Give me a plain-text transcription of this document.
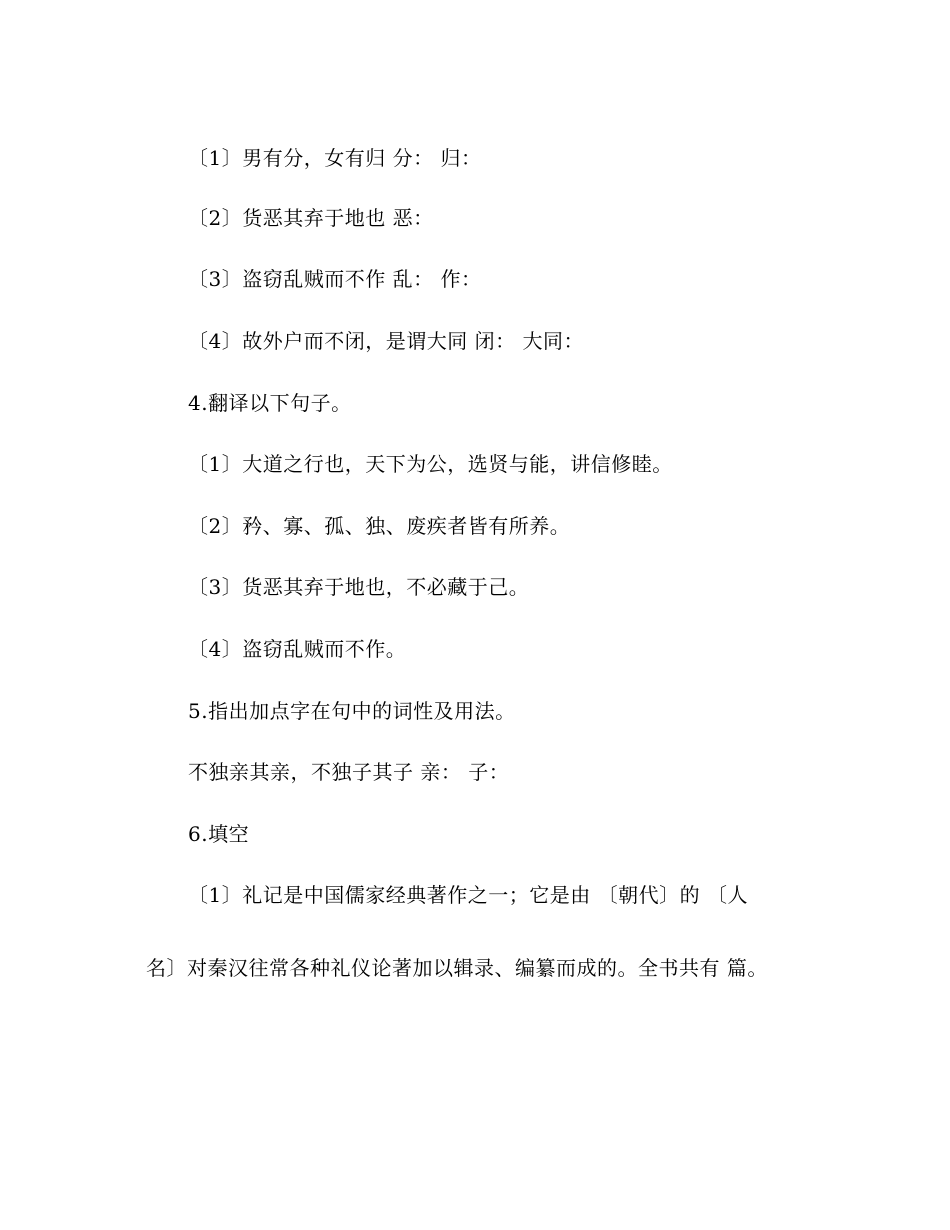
〔1〕男有分，女有归 分： 归：
〔2〕货恶其弃于地也 恶：
〔3〕盗窃乱贼而不作 乱： 作：
〔4〕故外户而不闭，是谓大同 闭： 大同：
4.翻译以下句子。
〔1〕大道之行也，天下为公，选贤与能，讲信修睦。
〔2〕矜、寡、孤、独、废疾者皆有所养。
〔3〕货恶其弃于地也，不必藏于己。
〔4〕盗窃乱贼而不作。
5.指出加点字在句中的词性及用法。
不独亲其亲，不独子其子 亲： 子：
6.填空
〔1〕礼记是中国儒家经典著作之一；它是由 〔朝代〕的 〔人
名〕对秦汉往常各种礼仪论著加以辑录、编纂而成的。全书共有 篇。
